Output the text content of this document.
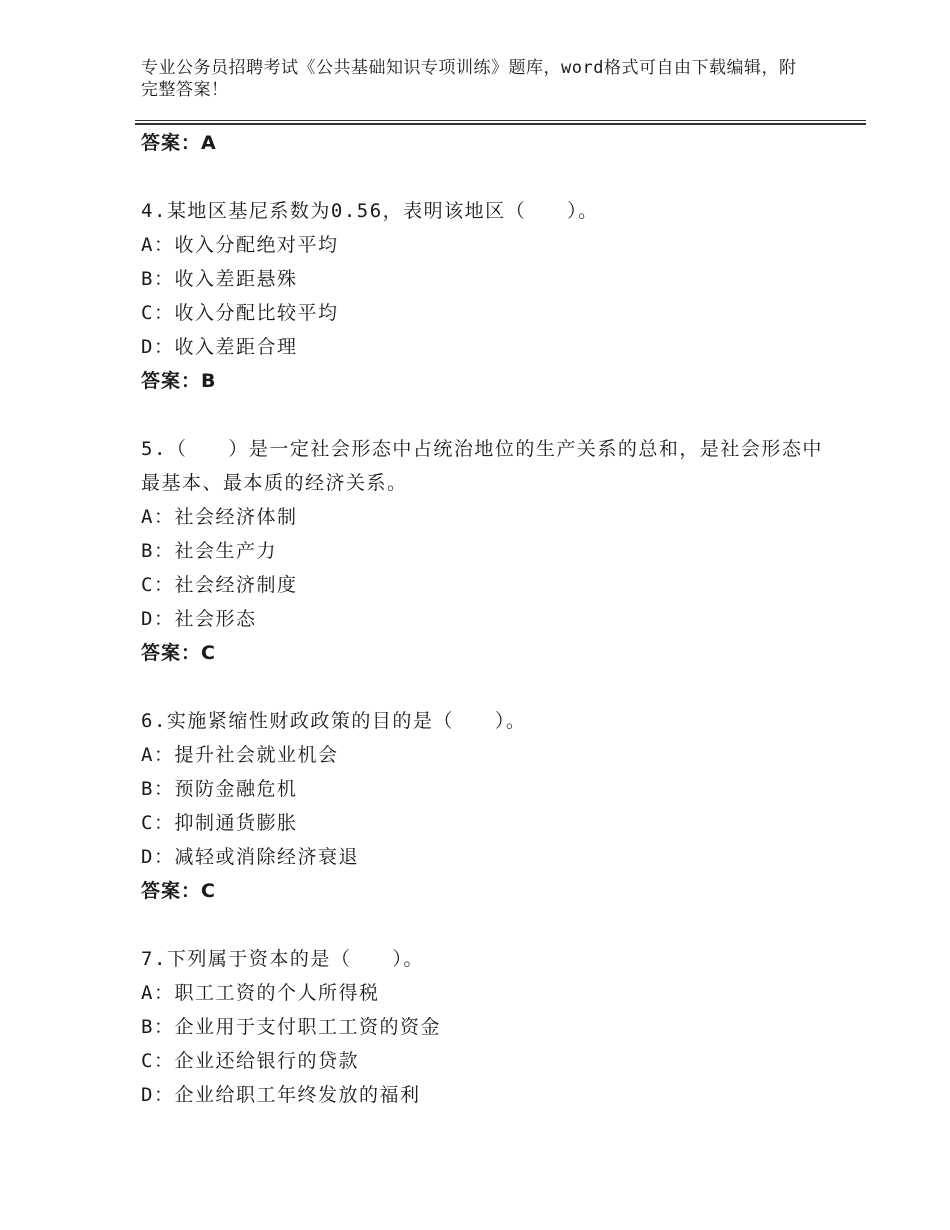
专业公务员招聘考试《公共基础知识专项训练》题库，word格式可自由下载编辑，附完整答案！
答案：A
4.某地区基尼系数为0.56，表明该地区（　　）。
A：收入分配绝对平均
B：收入差距悬殊
C：收入分配比较平均
D：收入差距合理
答案：B
5.（　　）是一定社会形态中占统治地位的生产关系的总和，是社会形态中最基本、最本质的经济关系。
A：社会经济体制
B：社会生产力
C：社会经济制度
D：社会形态
答案：C
6.实施紧缩性财政政策的目的是（　　）。
A：提升社会就业机会
B：预防金融危机
C：抑制通货膨胀
D：减轻或消除经济衰退
答案：C
7.下列属于资本的是（　　）。
A：职工工资的个人所得税
B：企业用于支付职工工资的资金
C：企业还给银行的贷款
D：企业给职工年终发放的福利
